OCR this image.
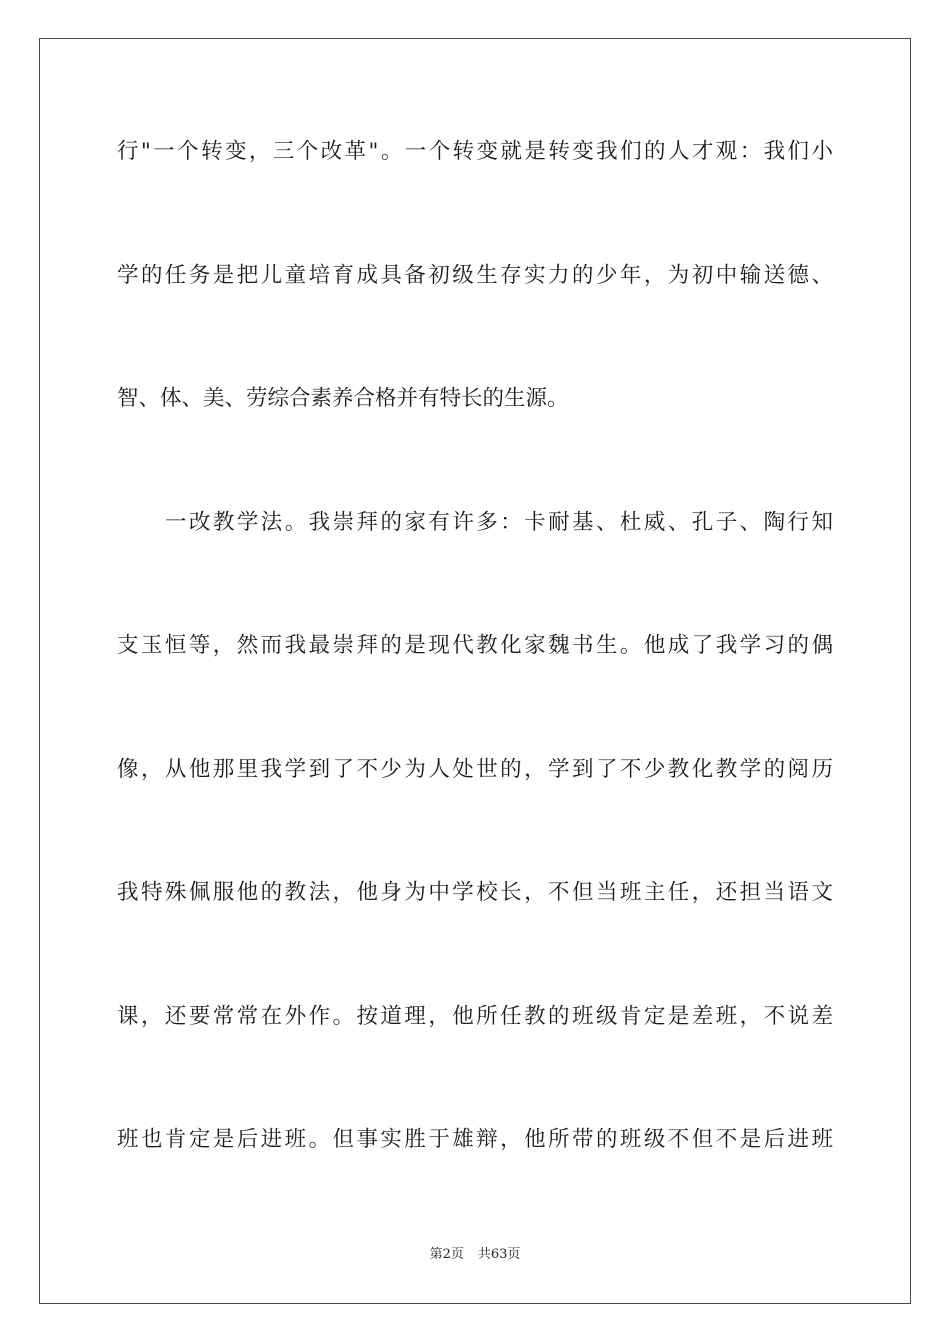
行"一个转变，三个改革"。一个转变就是转变我们的人才观：我们小
学的任务是把儿童培育成具备初级生存实力的少年，为初中输送德、
智、体、美、劳综合素养合格并有特长的生源。
一改教学法。我崇拜的家有许多：卡耐基、杜威、孔子、陶行知
支玉恒等，然而我最崇拜的是现代教化家魏书生。他成了我学习的偶
像，从他那里我学到了不少为人处世的，学到了不少教化教学的阅历
我特殊佩服他的教法，他身为中学校长，不但当班主任，还担当语文
课，还要常常在外作。按道理，他所任教的班级肯定是差班，不说差
班也肯定是后进班。但事实胜于雄辩，他所带的班级不但不是后进班
第2页 共63页
